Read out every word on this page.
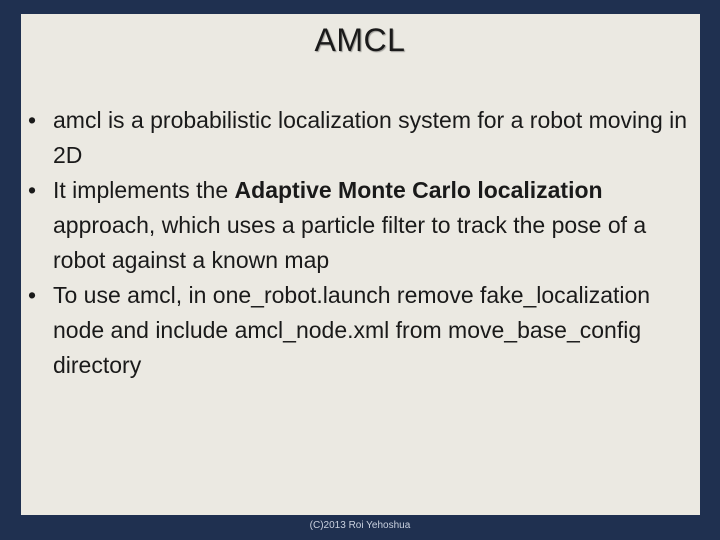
AMCL
• amcl is a probabilistic localization system for a robot moving in 2D
• It implements the Adaptive Monte Carlo localization approach, which uses a particle filter to track the pose of a robot against a known map
• To use amcl, in one_robot.launch remove fake_localization node and include amcl_node.xml from move_base_config directory
(C)2013 Roi Yehoshua
